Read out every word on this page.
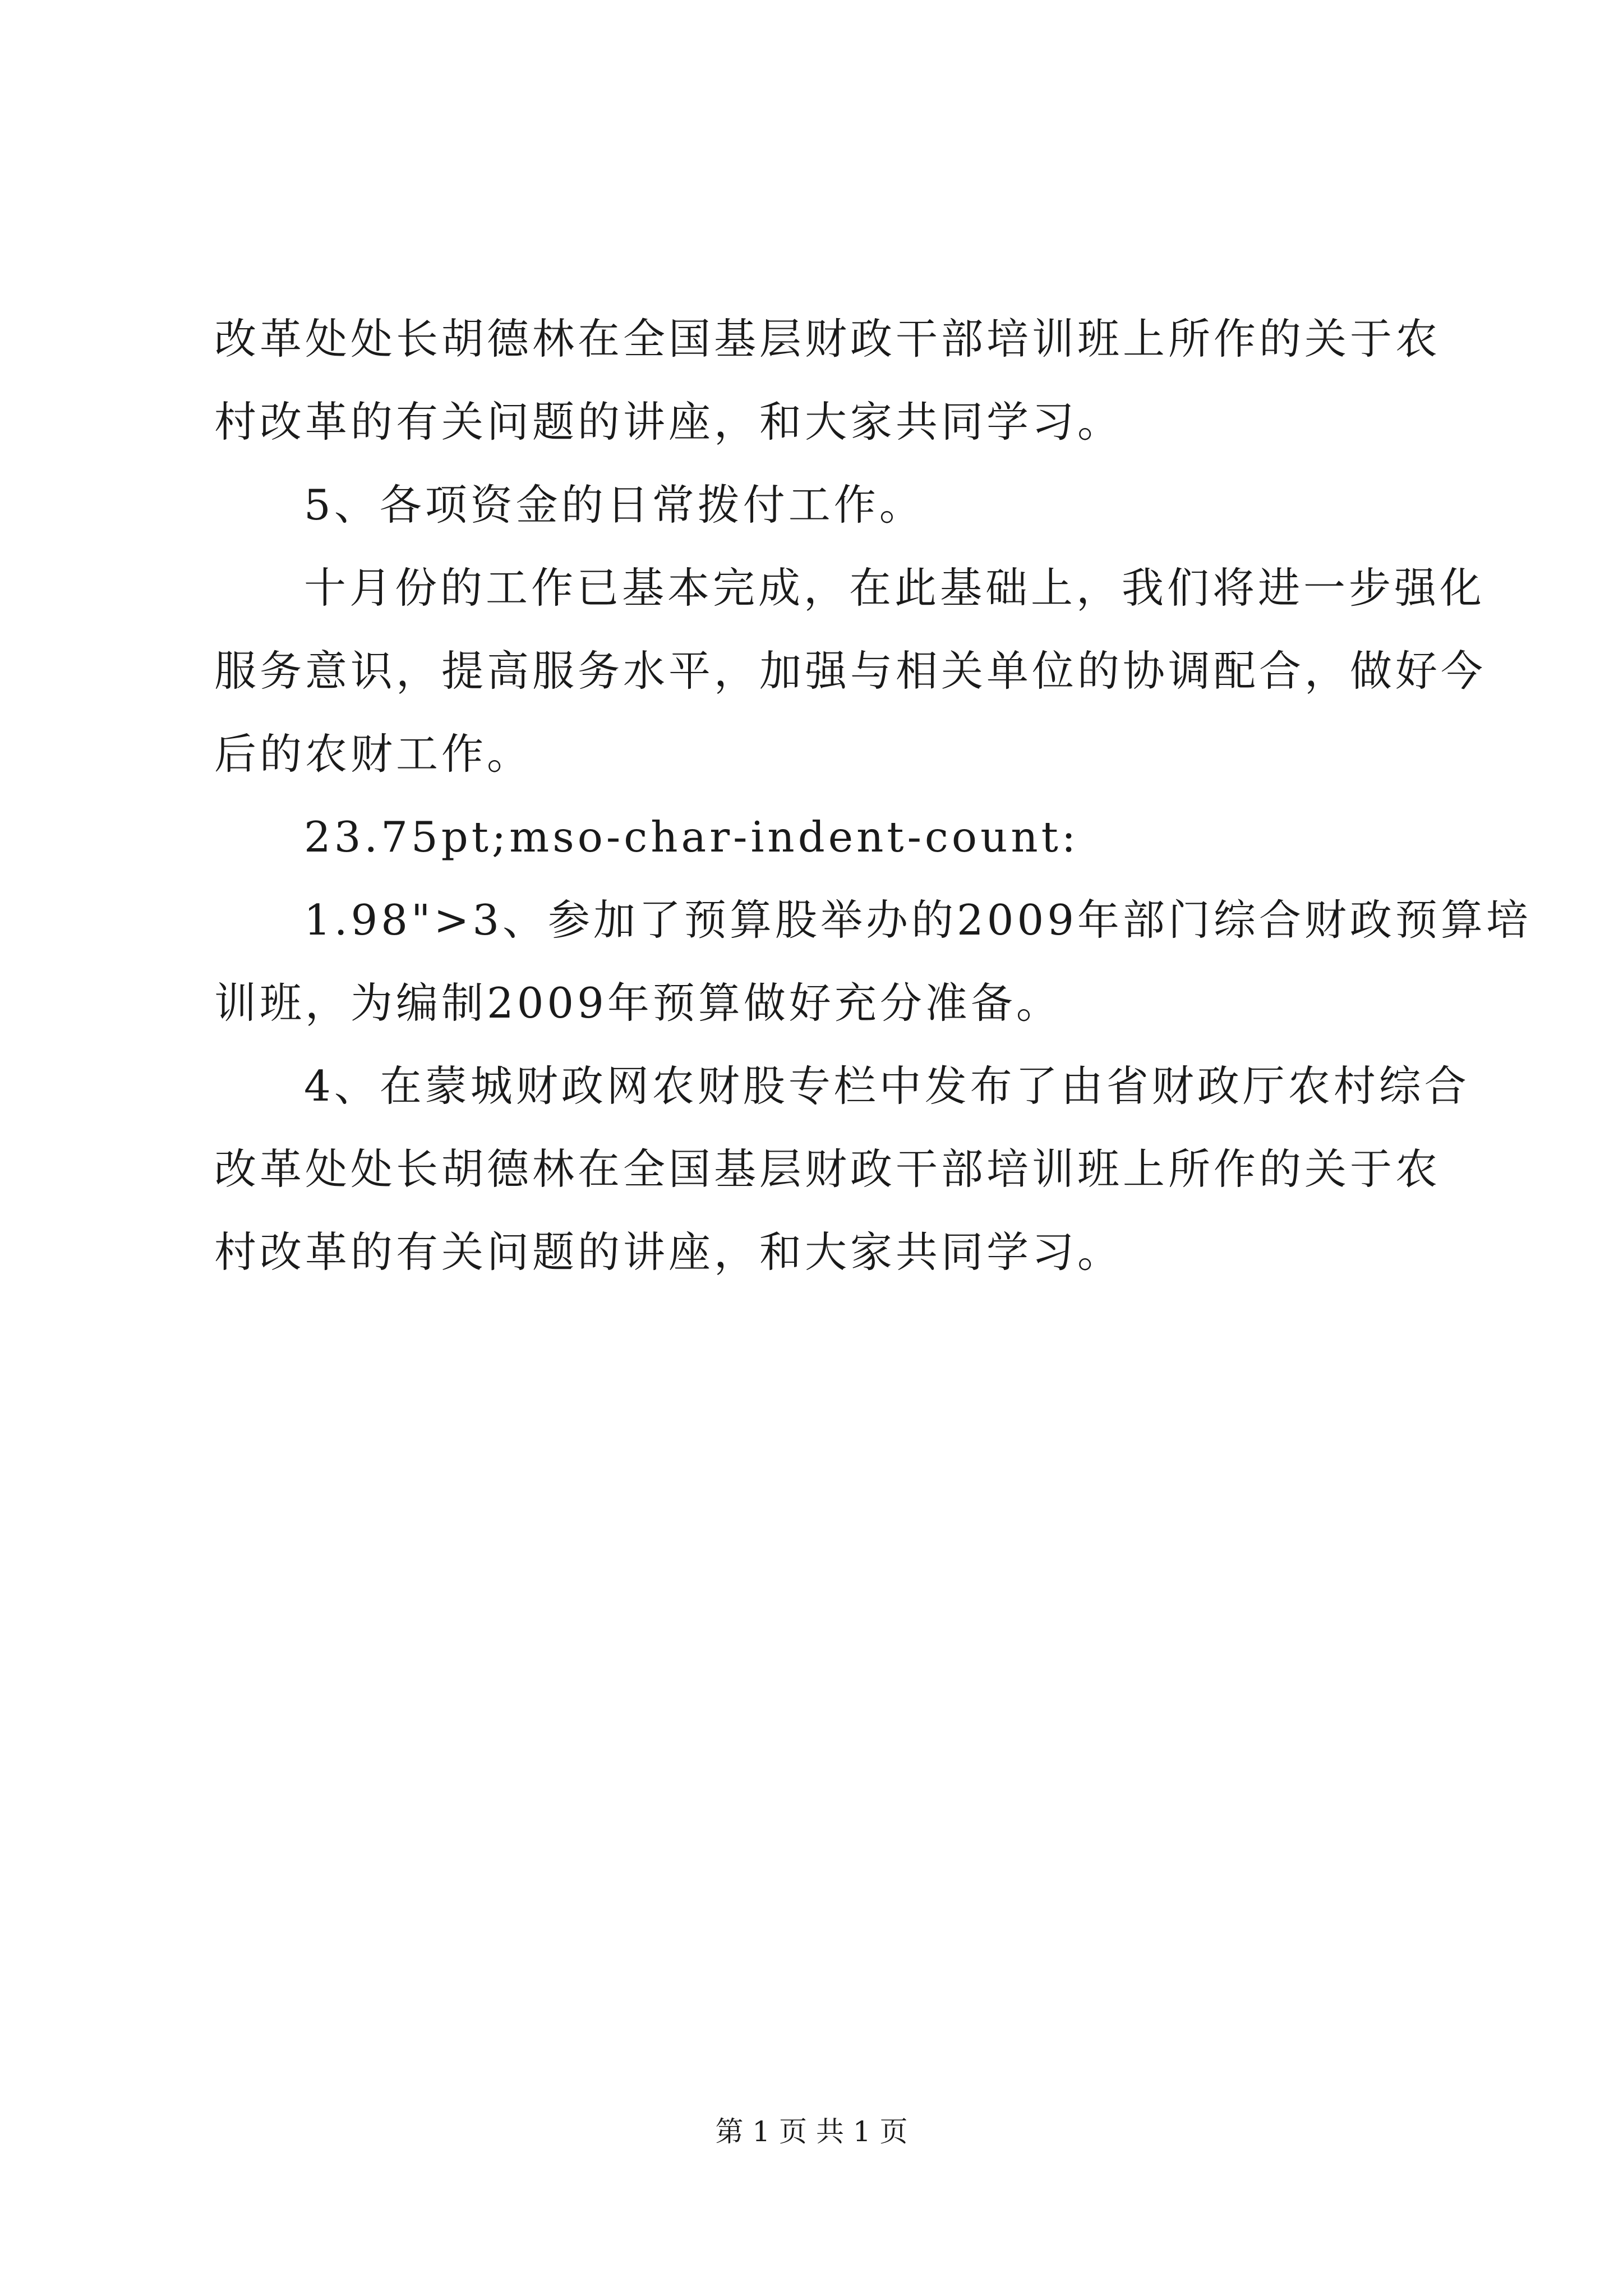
改革处处长胡德林在全国基层财政干部培训班上所作的关于农

村改革的有关问题的讲座，和大家共同学习。

5、各项资金的日常拨付工作。

十月份的工作已基本完成，在此基础上，我们将进一步强化

服务意识，提高服务水平，加强与相关单位的协调配合，做好今

后的农财工作。

23.75pt;mso-char-indent-count:

1.98">3、参加了预算股举办的2009年部门综合财政预算培

训班，为编制2009年预算做好充分准备。

4、在蒙城财政网农财股专栏中发布了由省财政厅农村综合

改革处处长胡德林在全国基层财政干部培训班上所作的关于农

村改革的有关问题的讲座，和大家共同学习。

第 1 页 共 1 页
